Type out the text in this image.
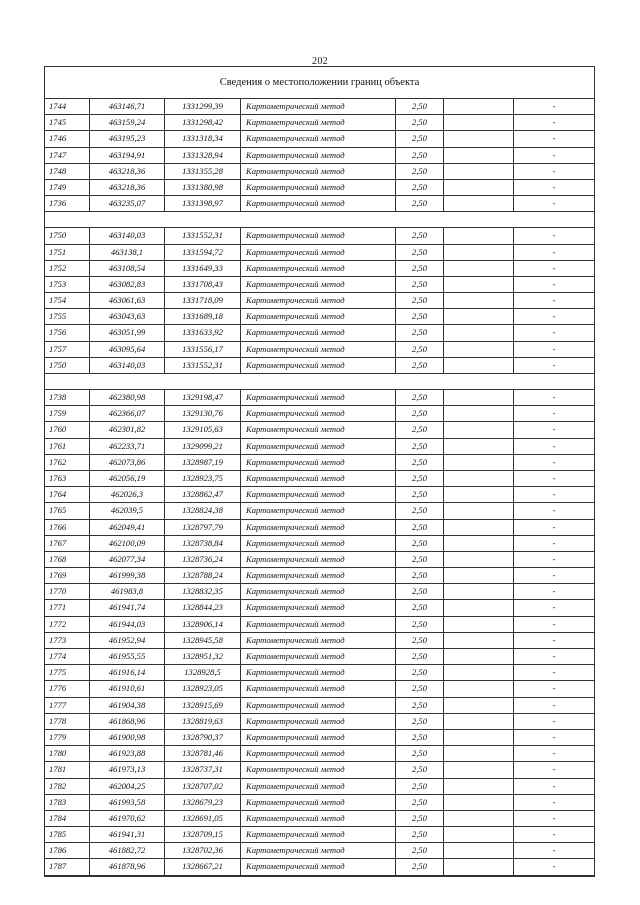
202
Сведения о местоположении границ объекта
1744	463146,71	1331299,39	Картометрический метод	2,50	-
1745	463159,24	1331298,42	Картометрический метод	2,50	-
1746	463195,23	1331318,34	Картометрический метод	2,50	-
1747	463194,91	1331328,94	Картометрический метод	2,50	-
1748	463218,36	1331355,28	Картометрический метод	2,50	-
1749	463218,36	1331380,98	Картометрический метод	2,50	-
1736	463235,07	1331398,97	Картометрический метод	2,50	-
1750	463140,03	1331552,31	Картометрический метод	2,50	-
1751	463138,1	1331594,72	Картометрический метод	2,50	-
1752	463108,54	1331649,33	Картометрический метод	2,50	-
1753	463082,83	1331708,43	Картометрический метод	2,50	-
1754	463061,63	1331718,09	Картометрический метод	2,50	-
1755	463043,63	1331689,18	Картометрический метод	2,50	-
1756	463051,99	1331633,92	Картометрический метод	2,50	-
1757	463095,64	1331556,17	Картометрический метод	2,50	-
1750	463140,03	1331552,31	Картометрический метод	2,50	-
1738	462380,98	1329198,47	Картометрический метод	2,50	-
1759	462366,07	1329130,76	Картометрический метод	2,50	-
1760	462301,82	1329105,63	Картометрический метод	2,50	-
1761	462233,71	1329099,21	Картометрический метод	2,50	-
1762	462073,86	1328987,19	Картометрический метод	2,50	-
1763	462056,19	1328923,75	Картометрический метод	2,50	-
1764	462026,3	1328862,47	Картометрический метод	2,50	-
1765	462039,5	1328824,38	Картометрический метод	2,50	-
1766	462049,41	1328797,79	Картометрический метод	2,50	-
1767	462100,09	1328738,84	Картометрический метод	2,50	-
1768	462077,34	1328736,24	Картометрический метод	2,50	-
1769	461999,38	1328788,24	Картометрический метод	2,50	-
1770	461983,8	1328832,35	Картометрический метод	2,50	-
1771	461941,74	1328844,23	Картометрический метод	2,50	-
1772	461944,03	1328906,14	Картометрический метод	2,50	-
1773	461952,94	1328945,58	Картометрический метод	2,50	-
1774	461955,55	1328951,32	Картометрический метод	2,50	-
1775	461916,14	1328928,5	Картометрический метод	2,50	-
1776	461910,61	1328923,05	Картометрический метод	2,50	-
1777	461904,38	1328915,69	Картометрический метод	2,50	-
1778	461868,96	1328819,63	Картометрический метод	2,50	-
1779	461900,98	1328790,37	Картометрический метод	2,50	-
1780	461923,88	1328781,46	Картометрический метод	2,50	-
1781	461973,13	1328737,31	Картометрический метод	2,50	-
1782	462004,25	1328707,02	Картометрический метод	2,50	-
1783	461993,58	1328679,23	Картометрический метод	2,50	-
1784	461970,62	1328691,05	Картометрический метод	2,50	-
1785	461941,31	1328709,15	Картометрический метод	2,50	-
1786	461882,72	1328702,36	Картометрический метод	2,50	-
1787	461878,96	1328667,21	Картометрический метод	2,50	-
